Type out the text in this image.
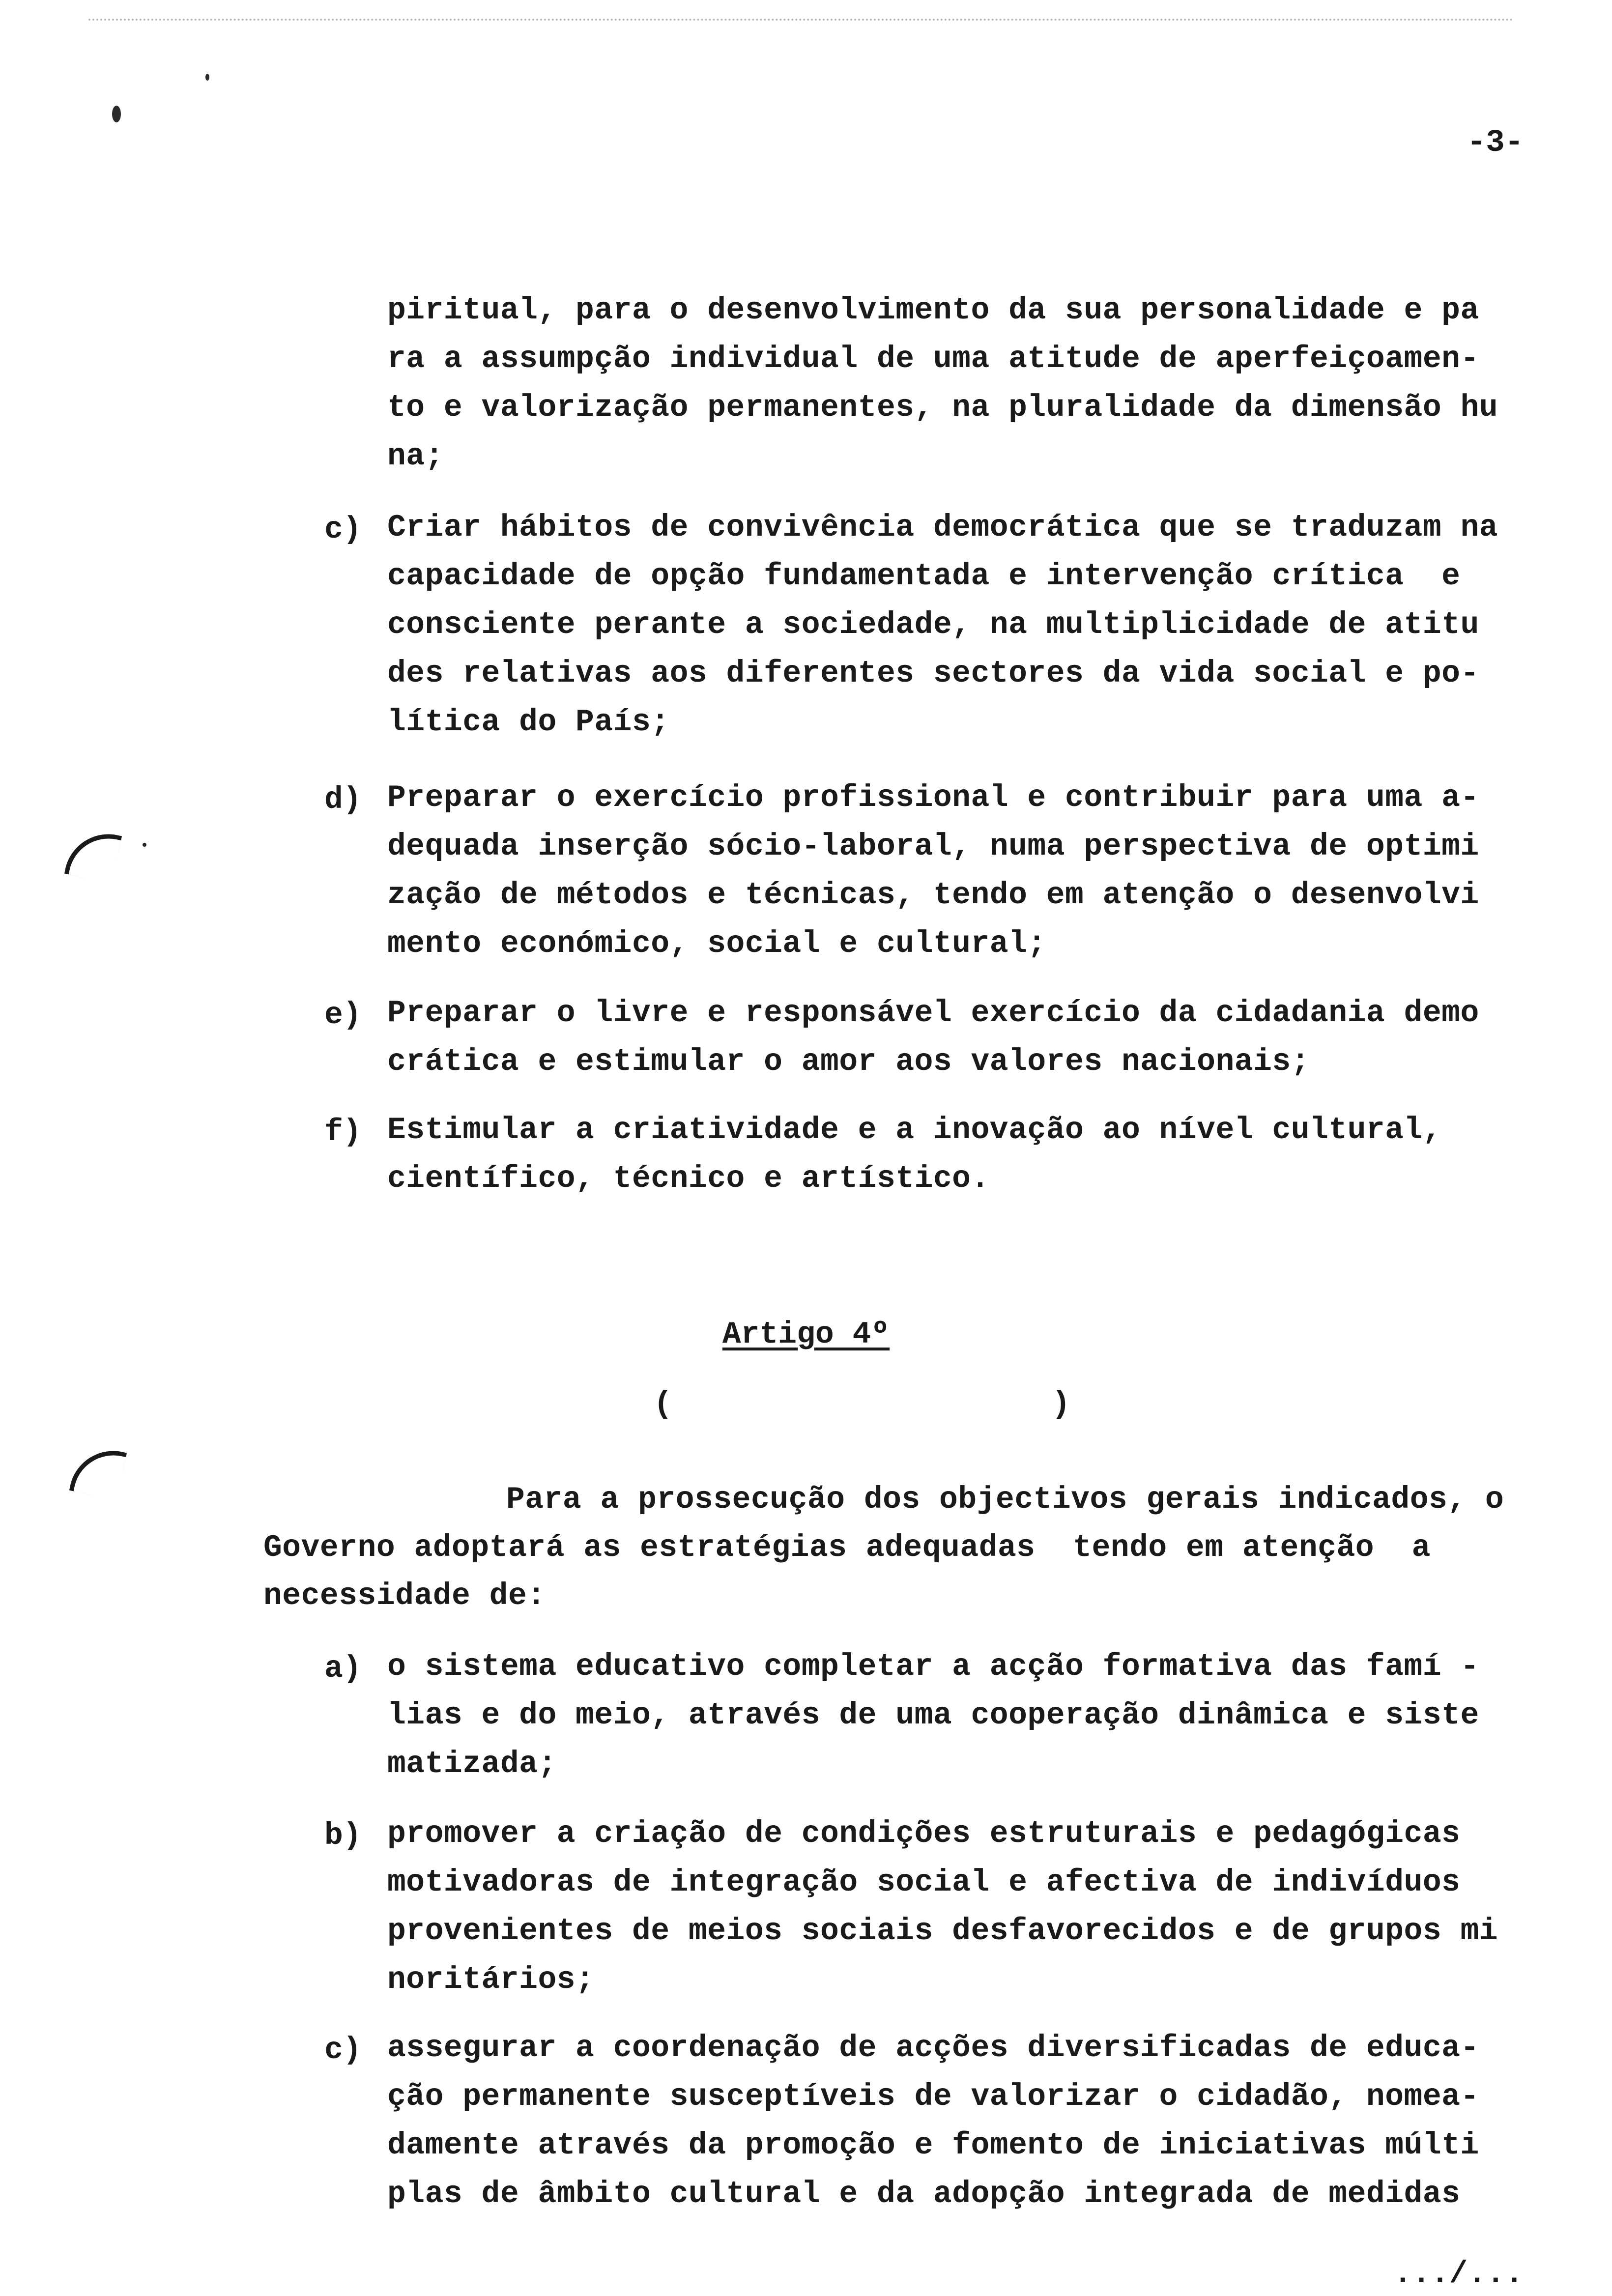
-3-
piritual, para o desenvolvimento da sua personalidade e pa
ra a assumpção individual de uma atitude de aperfeiçoamen-
to e valorização permanentes, na pluralidade da dimensão hu
na;
c) Criar hábitos de convivência democrática que se traduzam na
capacidade de opção fundamentada e intervenção crítica  e
consciente perante a sociedade, na multiplicidade de atitu
des relativas aos diferentes sectores da vida social e po-
lítica do País;
d) Preparar o exercício profissional e contribuir para uma a-
dequada inserção sócio-laboral, numa perspectiva de optimi
zação de métodos e técnicas, tendo em atenção o desenvolvi
mento económico, social e cultural;
e) Preparar o livre e responsável exercício da cidadania demo
crática e estimular o amor aos valores nacionais;
f) Estimular a criatividade e a inovação ao nível cultural,
científico, técnico e artístico.
Para a prossecução dos objectivos gerais indicados, o
Governo adoptará as estratégias adequadas  tendo em atenção  a
necessidade de:
a) o sistema educativo completar a acção formativa das famí -
lias e do meio, através de uma cooperação dinâmica e siste
matizada;
b) promover a criação de condições estruturais e pedagógicas
motivadoras de integração social e afectiva de indivíduos
provenientes de meios sociais desfavorecidos e de grupos mi
noritários;
c) assegurar a coordenação de acções diversificadas de educa-
ção permanente susceptíveis de valorizar o cidadão, nomea-
damente através da promoção e fomento de iniciativas múlti
plas de âmbito cultural e da adopção integrada de medidas
Artigo 4º
(	)
.../...
